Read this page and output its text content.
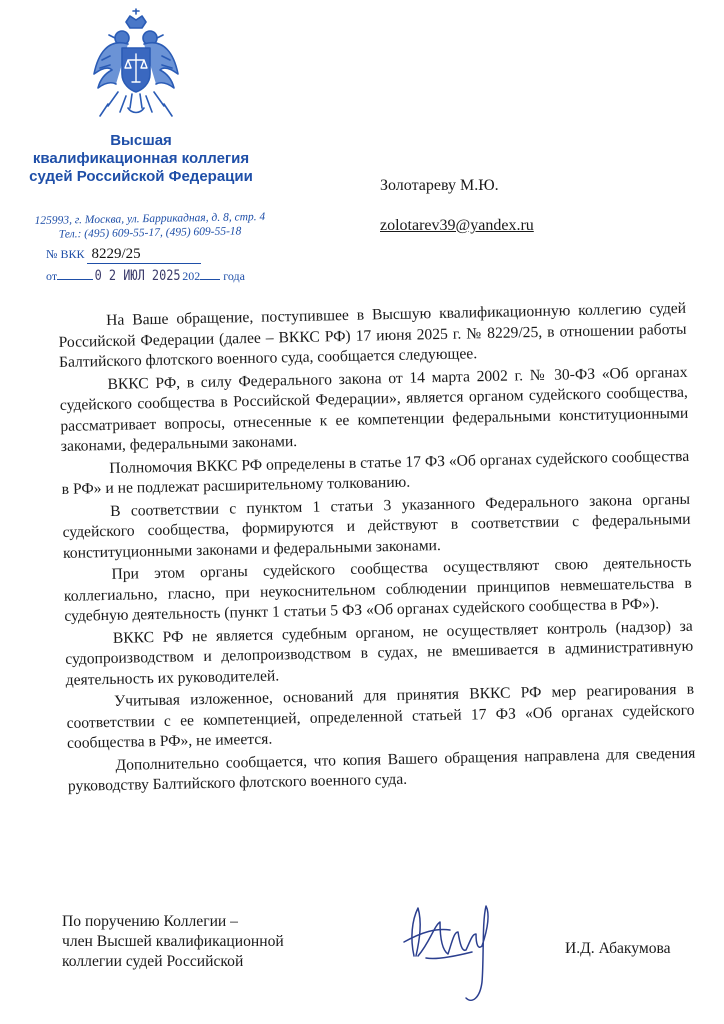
Высшая
квалификационная коллегия
судей Российской Федерации
125993, г. Москва, ул. Баррикадная, д. 8, стр. 4
Тел.: (495) 609-55-17, (495) 609-55-18
№ ВКК 8229/25
от	0 2 ИЮЛ 2025 202 года
Золотареву М.Ю.
zolotarev39@yandex.ru

На Ваше обращение, поступившее в Высшую квалификационную коллегию судей Российской Федерации (далее – ВККС РФ) 17 июня 2025 г. № 8229/25, в отношении работы Балтийского флотского военного суда, сообщается следующее.

ВККС РФ, в силу Федерального закона от 14 марта 2002 г. № 30-ФЗ «Об органах судейского сообщества в Российской Федерации», является органом судейского сообщества, рассматривает вопросы, отнесенные к ее компетенции федеральными конституционными законами, федеральными законами.

Полномочия ВККС РФ определены в статье 17 ФЗ «Об органах судейского сообщества в РФ» и не подлежат расширительному толкованию.

В соответствии с пунктом 1 статьи 3 указанного Федерального закона органы судейского сообщества, формируются и действуют в соответствии с федеральными конституционными законами и федеральными законами.

При этом органы судейского сообщества осуществляют свою деятельность коллегиально, гласно, при неукоснительном соблюдении принципов невмешательства в судебную деятельность (пункт 1 статьи 5 ФЗ «Об органах судейского сообщества в РФ»).

ВККС РФ не является судебным органом, не осуществляет контроль (надзор) за судопроизводством и делопроизводством в судах, не вмешивается в административную деятельность их руководителей.

Учитывая изложенное, оснований для принятия ВККС РФ мер реагирования в соответствии с ее компетенцией, определенной статьей 17 ФЗ «Об органах судейского сообщества в РФ», не имеется.

Дополнительно сообщается, что копия Вашего обращения направлена для сведения руководству Балтийского флотского военного суда.

По поручению Коллегии –
член Высшей квалификационной
коллегии судей Российской
И.Д. Абакумова
